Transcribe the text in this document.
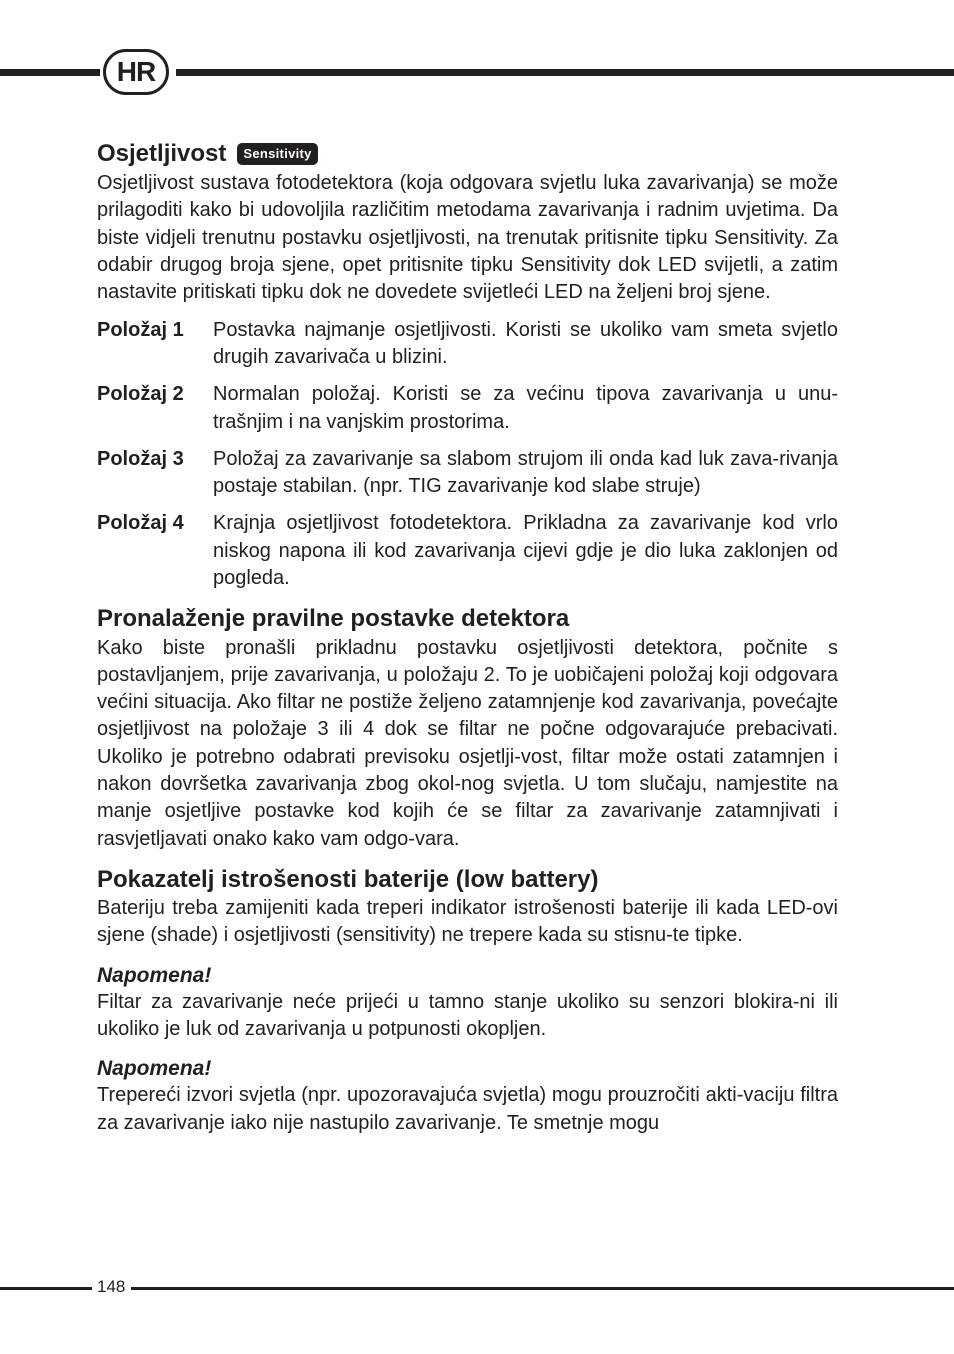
HR
Osjetljivost	Sensitivity

Osjetljivost sustava fotodetektora (koja odgovara svjetlu luka zavarivanja) se može prilagoditi kako bi udovoljila različitim metodama zavarivanja i radnim uvjetima. Da biste vidjeli trenutnu postavku osjetljivosti, na trenutak pritisnite tipku Sensitivity. Za odabir drugog broja sjene, opet pritisnite tipku Sensitivity dok LED svijetli, a zatim nastavite pritiskati tipku dok ne dovedete svijetleći LED na željeni broj sjene.

Položaj 1	Postavka najmanje osjetljivosti. Koristi se ukoliko vam smeta svjetlo drugih zavarivača u blizini.

Položaj 2	Normalan položaj. Koristi se za većinu tipova zavarivanja u unu-trašnjim i na vanjskim prostorima.

Položaj 3	Položaj za zavarivanje sa slabom strujom ili onda kad luk zava-rivanja postaje stabilan. (npr. TIG zavarivanje kod slabe struje)

Položaj 4	Krajnja osjetljivost fotodetektora. Prikladna za zavarivanje kod vrlo niskog napona ili kod zavarivanja cijevi gdje je dio luka zaklonjen od pogleda.

Pronalaženje pravilne postavke detektora

Kako biste pronašli prikladnu postavku osjetljivosti detektora, počnite s postavljanjem, prije zavarivanja, u položaju 2. To je uobičajeni položaj koji odgovara većini situacija. Ako filtar ne postiže željeno zatamnjenje kod zavarivanja, povećajte osjetljivost na položaje 3 ili 4 dok se filtar ne počne odgovarajuće prebacivati. Ukoliko je potrebno odabrati previsoku osjetlji-vost, filtar može ostati zatamnjen i nakon dovršetka zavarivanja zbog okol-nog svjetla. U tom slučaju, namjestite na manje osjetljive postavke kod kojih će se filtar za zavarivanje zatamnjivati i rasvjetljavati onako kako vam odgo-vara.

Pokazatelj istrošenosti baterije (low battery)

Bateriju treba zamijeniti kada treperi indikator istrošenosti baterije ili kada LED-ovi sjene (shade) i osjetljivosti (sensitivity) ne trepere kada su stisnu-te tipke.

Napomena!

Filtar za zavarivanje neće prijeći u tamno stanje ukoliko su senzori blokira-ni ili ukoliko je luk od zavarivanja u potpunosti okopljen.

Napomena!

Trepereći izvori svjetla (npr. upozoravajuća svjetla) mogu prouzročiti akti-vaciju filtra za zavarivanje iako nije nastupilo zavarivanje. Te smetnje mogu

148
